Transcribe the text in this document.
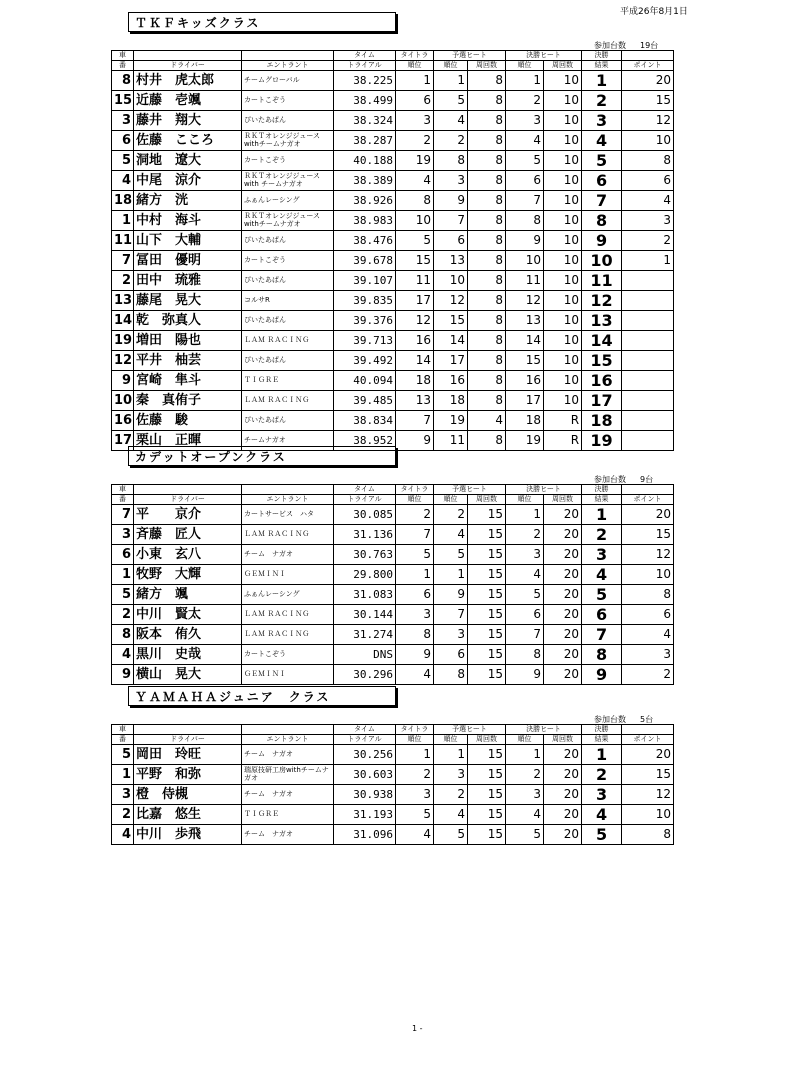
平成26年8月1日
ＴＫＦキッズクラス
参加台数 19台
車			タイム	タイトラ	予選ヒート		決勝ヒート		決勝	
番	ドライバー	エントラント	トライアル	順位	順位	周回数	順位	周回数	結果	ポイント
8	村井　虎太郎	チームグローバル	38.225	1	1	8	1	10	1	20
15	近藤　壱颯	カートこぞう	38.499	6	5	8	2	10	2	15
3	藤井　翔大	ぴいたあぱん	38.324	3	4	8	3	10	3	12
6	佐藤　こころ	ＲＫＴオレンジジュース withチームナガオ	38.287	2	2	8	4	10	4	10
5	洞地　遼大	カートこぞう	40.188	19	8	8	5	10	5	8
4	中尾　涼介	ＲＫＴオレンジジュース with チームナガオ	38.389	4	3	8	6	10	6	6
18	緒方　洸	ふぁんレーシング	38.926	8	9	8	7	10	7	4
1	中村　海斗	ＲＫＴオレンジジュース withチームナガオ	38.983	10	7	8	8	10	8	3
11	山下　大輔	ぴいたあぱん	38.476	5	6	8	9	10	9	2
7	冨田　優明	カートこぞう	39.678	15	13	8	10	10	10	1
2	田中　琉雅	ぴいたあぱん	39.107	11	10	8	11	10	11	
13	藤尾　晃大	コルサR	39.835	17	12	8	12	10	12	
14	乾　弥真人	ぴいたあぱん	39.376	12	15	8	13	10	13	
19	増田　陽也	ＬＡＭ ＲＡＣＩＮＧ	39.713	16	14	8	14	10	14	
12	平井　柚芸	ぴいたあぱん	39.492	14	17	8	15	10	15	
9	宮崎　隼斗	ＴＩＧＲＥ	40.094	18	16	8	16	10	16	
10	秦　真侑子	ＬＡＭ ＲＡＣＩＮＧ	39.485	13	18	8	17	10	17	
16	佐藤　駿	ぴいたあぱん	38.834	7	19	4	18	R	18	
17	栗山　正暉	チームナガオ	38.952	9	11	8	19	R	19	
カデットオープンクラス
参加台数 9台
車			タイム	タイトラ	予選ヒート		決勝ヒート		決勝	
番	ドライバー	エントラント	トライアル	順位	順位	周回数	順位	周回数	結果	ポイント
7	平　　京介	カートサービス　ハタ	30.085	2	2	15	1	20	1	20
3	斉藤　匠人	ＬＡＭ ＲＡＣＩＮＧ	31.136	7	4	15	2	20	2	15
6	小東　玄八	チーム　ナガオ	30.763	5	5	15	3	20	3	12
1	牧野　大輝	ＧＥＭＩＮＩ	29.800	1	1	15	4	20	4	10
5	緒方　颯	ふぁんレーシング	31.083	6	9	15	5	20	5	8
2	中川　賢太	ＬＡＭ ＲＡＣＩＮＧ	30.144	3	7	15	6	20	6	6
8	阪本　侑久	ＬＡＭ ＲＡＣＩＮＧ	31.274	8	3	15	7	20	7	4
4	黒川　史哉	カートこぞう	DNS	9	6	15	8	20	8	3
9	横山　晃大	ＧＥＭＩＮＩ	30.296	4	8	15	9	20	9	2
ＹＡＭＡＨＡジュニア　クラス
参加台数 5台
車			タイム	タイトラ	予選ヒート		決勝ヒート		決勝	
番	ドライバー	エントラント	トライアル	順位	順位	周回数	順位	周回数	結果	ポイント
5	岡田　玲旺	チーム　ナガオ	30.256	1	1	15	1	20	1	20
1	平野　和弥	瑞原技研工房withチームナガオ	30.603	2	3	15	2	20	2	15
3	橙　侍槻	チーム　ナガオ	30.938	3	2	15	3	20	3	12
2	比嘉　悠生	ＴＩＧＲＥ	31.193	5	4	15	4	20	4	10
4	中川　歩飛	チーム　ナガオ	31.096	4	5	15	5	20	5	8
1 -
